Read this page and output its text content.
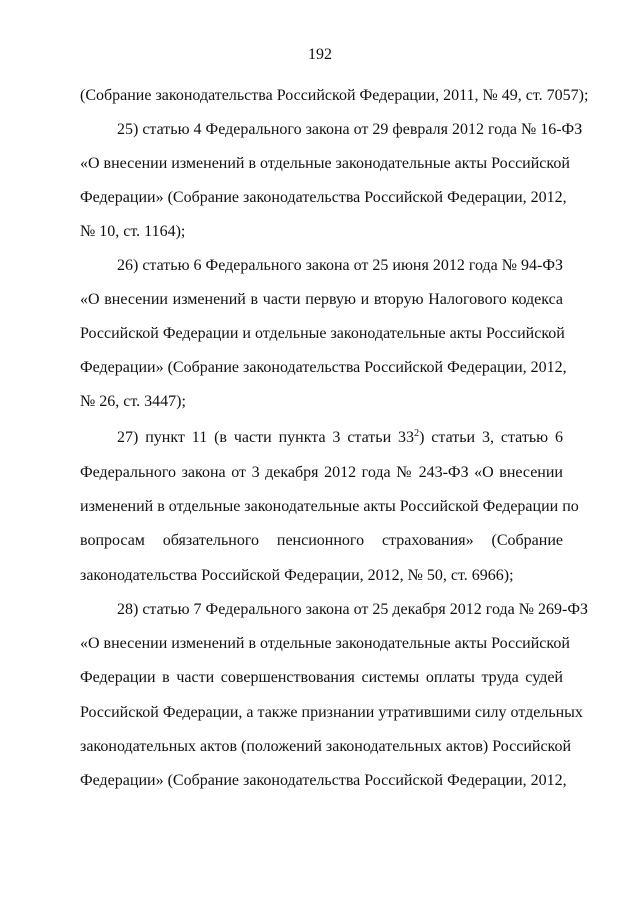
192
(Собрание законодательства Российской Федерации, 2011, № 49, ст. 7057);
25) статью 4 Федерального закона от 29 февраля 2012 года № 16-ФЗ
«О внесении изменений в отдельные законодательные акты Российской
Федерации» (Собрание законодательства Российской Федерации, 2012,
№ 10, ст. 1164);
26) статью 6 Федерального закона от 25 июня 2012 года № 94-ФЗ
«О внесении изменений в части первую и вторую Налогового кодекса
Российской Федерации и отдельные законодательные акты Российской
Федерации» (Собрание законодательства Российской Федерации, 2012,
№ 26, ст. 3447);
27) пункт 11 (в части пункта 3 статьи $33^2$) статьи 3, статью 6
Федерального закона от 3 декабря 2012 года № 243-ФЗ «О внесении
изменений в отдельные законодательные акты Российской Федерации по
вопросам обязательного пенсионного страхования» (Собрание
законодательства Российской Федерации, 2012, № 50, ст. 6966);
28) статью 7 Федерального закона от 25 декабря 2012 года № 269-ФЗ
«О внесении изменений в отдельные законодательные акты Российской
Федерации в части совершенствования системы оплаты труда судей
Российской Федерации, а также признании утратившими силу отдельных
законодательных актов (положений законодательных актов) Российской
Федерации» (Собрание законодательства Российской Федерации, 2012,
